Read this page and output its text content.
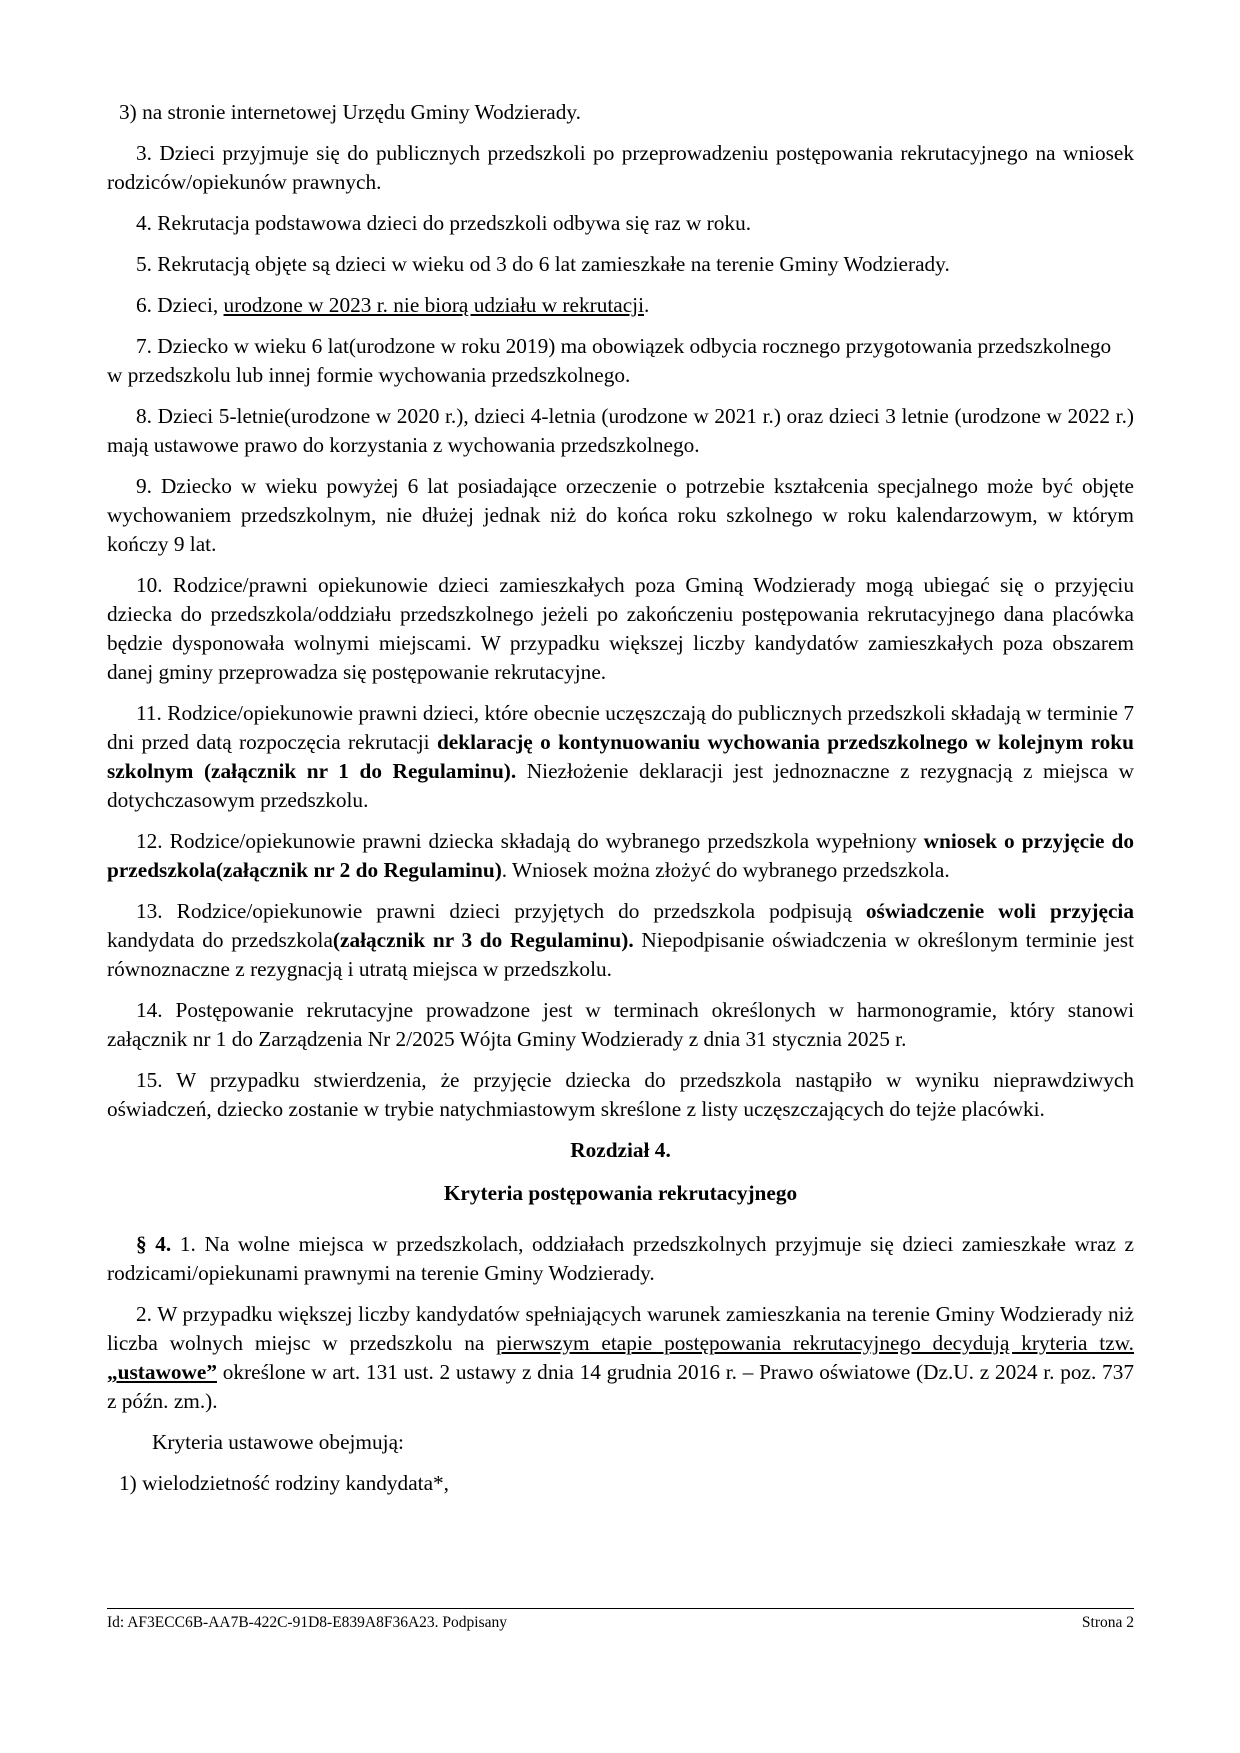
3) na stronie internetowej Urzędu Gminy Wodzierady.

3. Dzieci przyjmuje się do publicznych przedszkoli po przeprowadzeniu postępowania rekrutacyjnego na wniosek rodziców/opiekunów prawnych.

4. Rekrutacja podstawowa dzieci do przedszkoli odbywa się raz w roku.

5. Rekrutacją objęte są dzieci w wieku od 3 do 6 lat zamieszkałe na terenie Gminy Wodzierady.

6. Dzieci, urodzone w 2023 r. nie biorą udziału w rekrutacji.

7. Dziecko w wieku 6 lat(urodzone w roku 2019) ma obowiązek odbycia rocznego przygotowania przedszkolnego

w przedszkolu lub innej formie wychowania przedszkolnego.

8. Dzieci 5-letnie(urodzone w 2020 r.), dzieci 4-letnia (urodzone w 2021 r.) oraz dzieci 3 letnie (urodzone w 2022 r.) mają ustawowe prawo do korzystania z wychowania przedszkolnego.

9. Dziecko w wieku powyżej 6 lat posiadające orzeczenie o potrzebie kształcenia specjalnego może być objęte wychowaniem przedszkolnym, nie dłużej jednak niż do końca roku szkolnego w roku kalendarzowym, w którym kończy 9 lat.

10. Rodzice/prawni opiekunowie dzieci zamieszkałych poza Gminą Wodzierady mogą ubiegać się o przyjęciu dziecka do przedszkola/oddziału przedszkolnego jeżeli po zakończeniu postępowania rekrutacyjnego dana placówka będzie dysponowała wolnymi miejscami. W przypadku większej liczby kandydatów zamieszkałych poza obszarem danej gminy przeprowadza się postępowanie rekrutacyjne.

11. Rodzice/opiekunowie prawni dzieci, które obecnie uczęszczają do publicznych przedszkoli składają w terminie 7 dni przed datą rozpoczęcia rekrutacji deklarację o kontynuowaniu wychowania przedszkolnego w kolejnym roku szkolnym (załącznik nr 1 do Regulaminu). Niezłożenie deklaracji jest jednoznaczne z rezygnacją z miejsca w dotychczasowym przedszkolu.

12. Rodzice/opiekunowie prawni dziecka składają do wybranego przedszkola wypełniony wniosek o przyjęcie do przedszkola(załącznik nr 2 do Regulaminu). Wniosek można złożyć do wybranego przedszkola.

13. Rodzice/opiekunowie prawni dzieci przyjętych do przedszkola podpisują oświadczenie woli przyjęcia kandydata do przedszkola(załącznik nr 3 do Regulaminu). Niepodpisanie oświadczenia w określonym terminie jest równoznaczne z rezygnacją i utratą miejsca w przedszkolu.

14. Postępowanie rekrutacyjne prowadzone jest w terminach określonych w harmonogramie, który stanowi załącznik nr 1 do Zarządzenia Nr 2/2025 Wójta Gminy Wodzierady z dnia 31 stycznia 2025 r.

15. W przypadku stwierdzenia, że przyjęcie dziecka do przedszkola nastąpiło w wyniku nieprawdziwych oświadczeń, dziecko zostanie w trybie natychmiastowym skreślone z listy uczęszczających do tejże placówki.

Rozdział 4.

Kryteria postępowania rekrutacyjnego

§ 4. 1. Na wolne miejsca w przedszkolach, oddziałach przedszkolnych przyjmuje się dzieci zamieszkałe wraz z rodzicami/opiekunami prawnymi na terenie Gminy Wodzierady.

2. W przypadku większej liczby kandydatów spełniających warunek zamieszkania na terenie Gminy Wodzierady niż liczba wolnych miejsc w przedszkolu na pierwszym etapie postępowania rekrutacyjnego decydują kryteria tzw. „ustawowe” określone w art. 131 ust. 2 ustawy z dnia 14 grudnia 2016 r. – Prawo oświatowe (Dz.U. z 2024 r. poz. 737 z późn. zm.).

Kryteria ustawowe obejmują:

1) wielodzietność rodziny kandydata*,

Id: AF3ECC6B-AA7B-422C-91D8-E839A8F36A23. Podpisany	Strona 2
